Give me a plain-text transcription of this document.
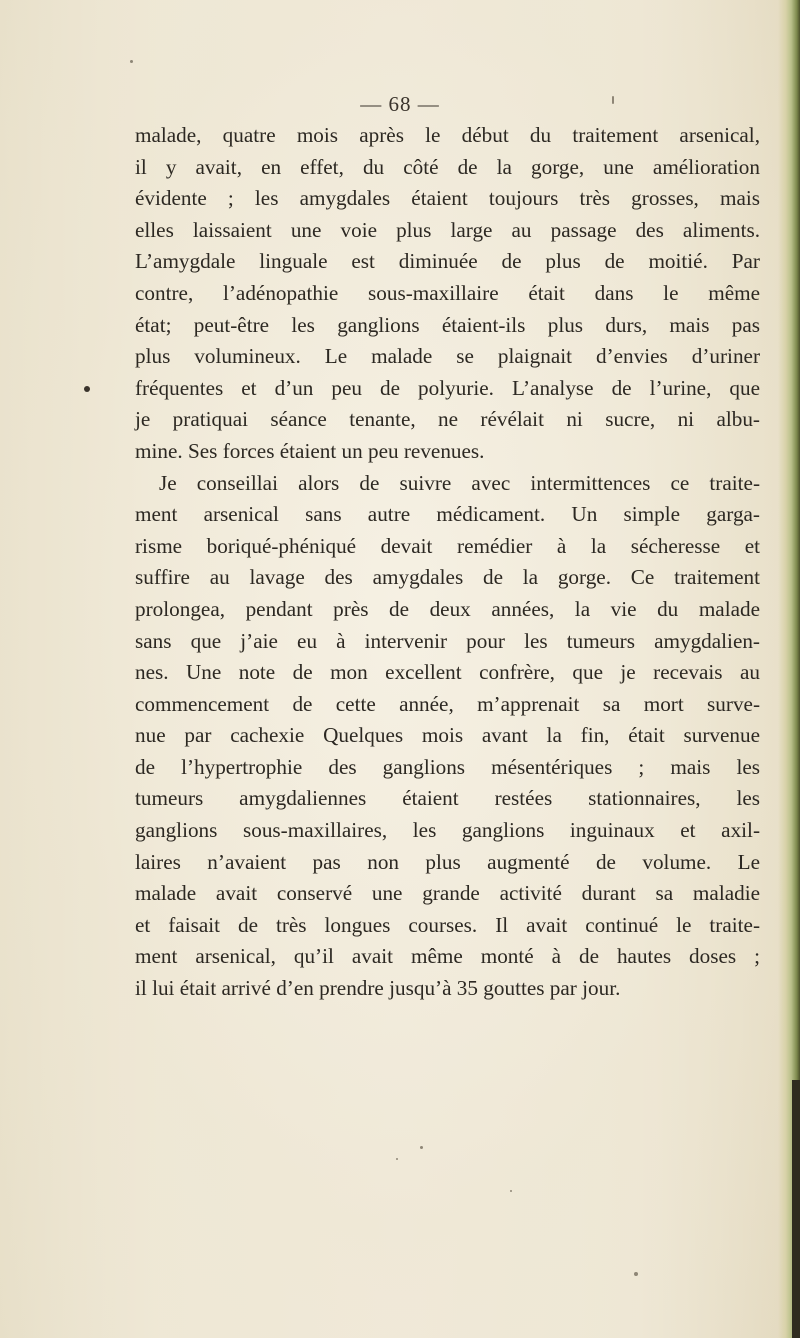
— 68 —
malade, quatre mois après le début du traitement arsenical,
il y avait, en effet, du côté de la gorge, une amélioration
évidente ; les amygdales étaient toujours très grosses, mais
elles laissaient une voie plus large au passage des aliments.
L’amygdale linguale est diminuée de plus de moitié. Par
contre, l’adénopathie sous-maxillaire était dans le même
état; peut-être les ganglions étaient-ils plus durs, mais pas
plus volumineux. Le malade se plaignait d’envies d’uriner
fréquentes et d’un peu de polyurie. L’analyse de l’urine, que
je pratiquai séance tenante, ne révélait ni sucre, ni albu-
mine. Ses forces étaient un peu revenues.
Je conseillai alors de suivre avec intermittences ce traite-
ment arsenical sans autre médicament. Un simple garga-
risme boriqué-phéniqué devait remédier à la sécheresse et
suffire au lavage des amygdales de la gorge. Ce traitement
prolongea, pendant près de deux années, la vie du malade
sans que j’aie eu à intervenir pour les tumeurs amygdalien-
nes. Une note de mon excellent confrère, que je recevais au
commencement de cette année, m’apprenait sa mort surve-
nue par cachexie Quelques mois avant la fin, était survenue
de l’hypertrophie des ganglions mésentériques ; mais les
tumeurs amygdaliennes étaient restées stationnaires, les
ganglions sous-maxillaires, les ganglions inguinaux et axil-
laires n’avaient pas non plus augmenté de volume. Le
malade avait conservé une grande activité durant sa maladie
et faisait de très longues courses. Il avait continué le traite-
ment arsenical, qu’il avait même monté à de hautes doses ;
il lui était arrivé d’en prendre jusqu’à 35 gouttes par jour.
